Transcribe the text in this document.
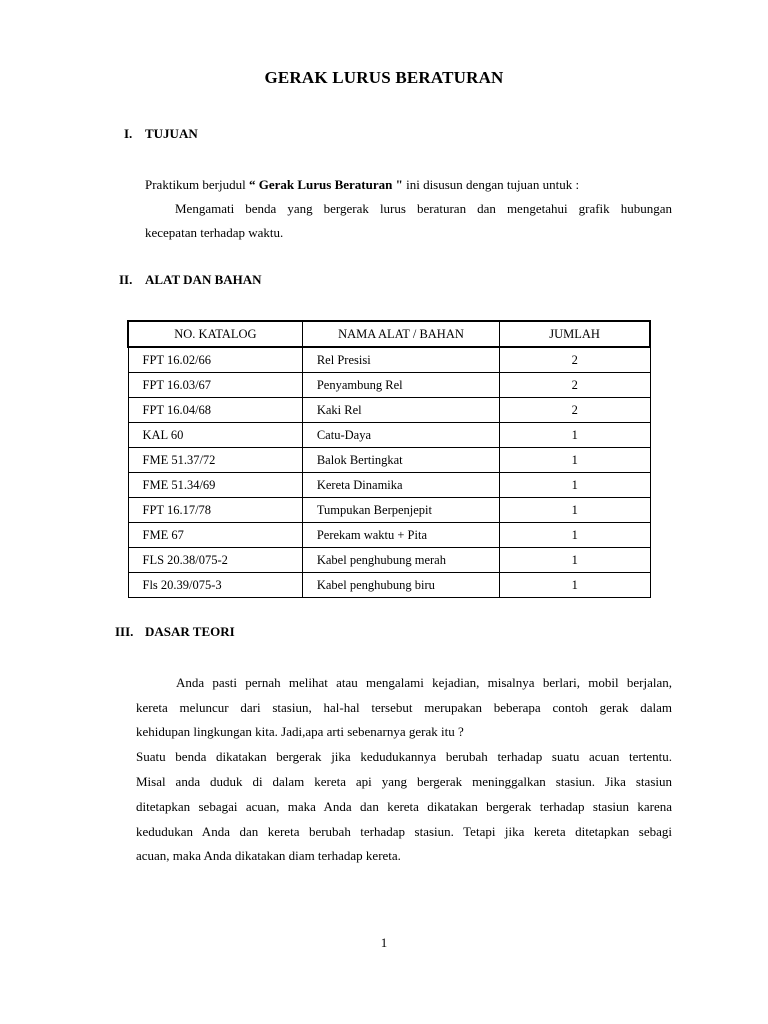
GERAK LURUS BERATURAN
I. TUJUAN
Praktikum berjudul “ Gerak Lurus Beraturan " ini disusun dengan tujuan untuk :
Mengamati benda yang bergerak lurus beraturan dan mengetahui grafik hubungan
kecepatan terhadap waktu.
II. ALAT DAN BAHAN
NO. KATALOG	NAMA ALAT / BAHAN	JUMLAH
FPT 16.02/66	Rel Presisi	2
FPT 16.03/67	Penyambung Rel	2
FPT 16.04/68	Kaki Rel	2
KAL 60	Catu-Daya	1
FME 51.37/72	Balok Bertingkat	1
FME 51.34/69	Kereta Dinamika	1
FPT 16.17/78	Tumpukan Berpenjepit	1
FME 67	Perekam waktu + Pita	1
FLS 20.38/075-2	Kabel penghubung merah	1
Fls 20.39/075-3	Kabel penghubung biru	1
III. DASAR TEORI
Anda pasti pernah melihat atau mengalami kejadian, misalnya berlari, mobil berjalan,
kereta meluncur dari stasiun, hal-hal tersebut merupakan beberapa contoh gerak dalam
kehidupan lingkungan kita. Jadi,apa arti sebenarnya gerak itu ?
Suatu benda dikatakan bergerak jika kedudukannya berubah terhadap suatu acuan tertentu.
Misal anda duduk di dalam kereta api yang bergerak meninggalkan stasiun. Jika stasiun
ditetapkan sebagai acuan, maka Anda dan kereta dikatakan bergerak terhadap stasiun karena
kedudukan Anda dan kereta berubah terhadap stasiun. Tetapi jika kereta ditetapkan sebagi
acuan, maka Anda dikatakan diam terhadap kereta.
1
